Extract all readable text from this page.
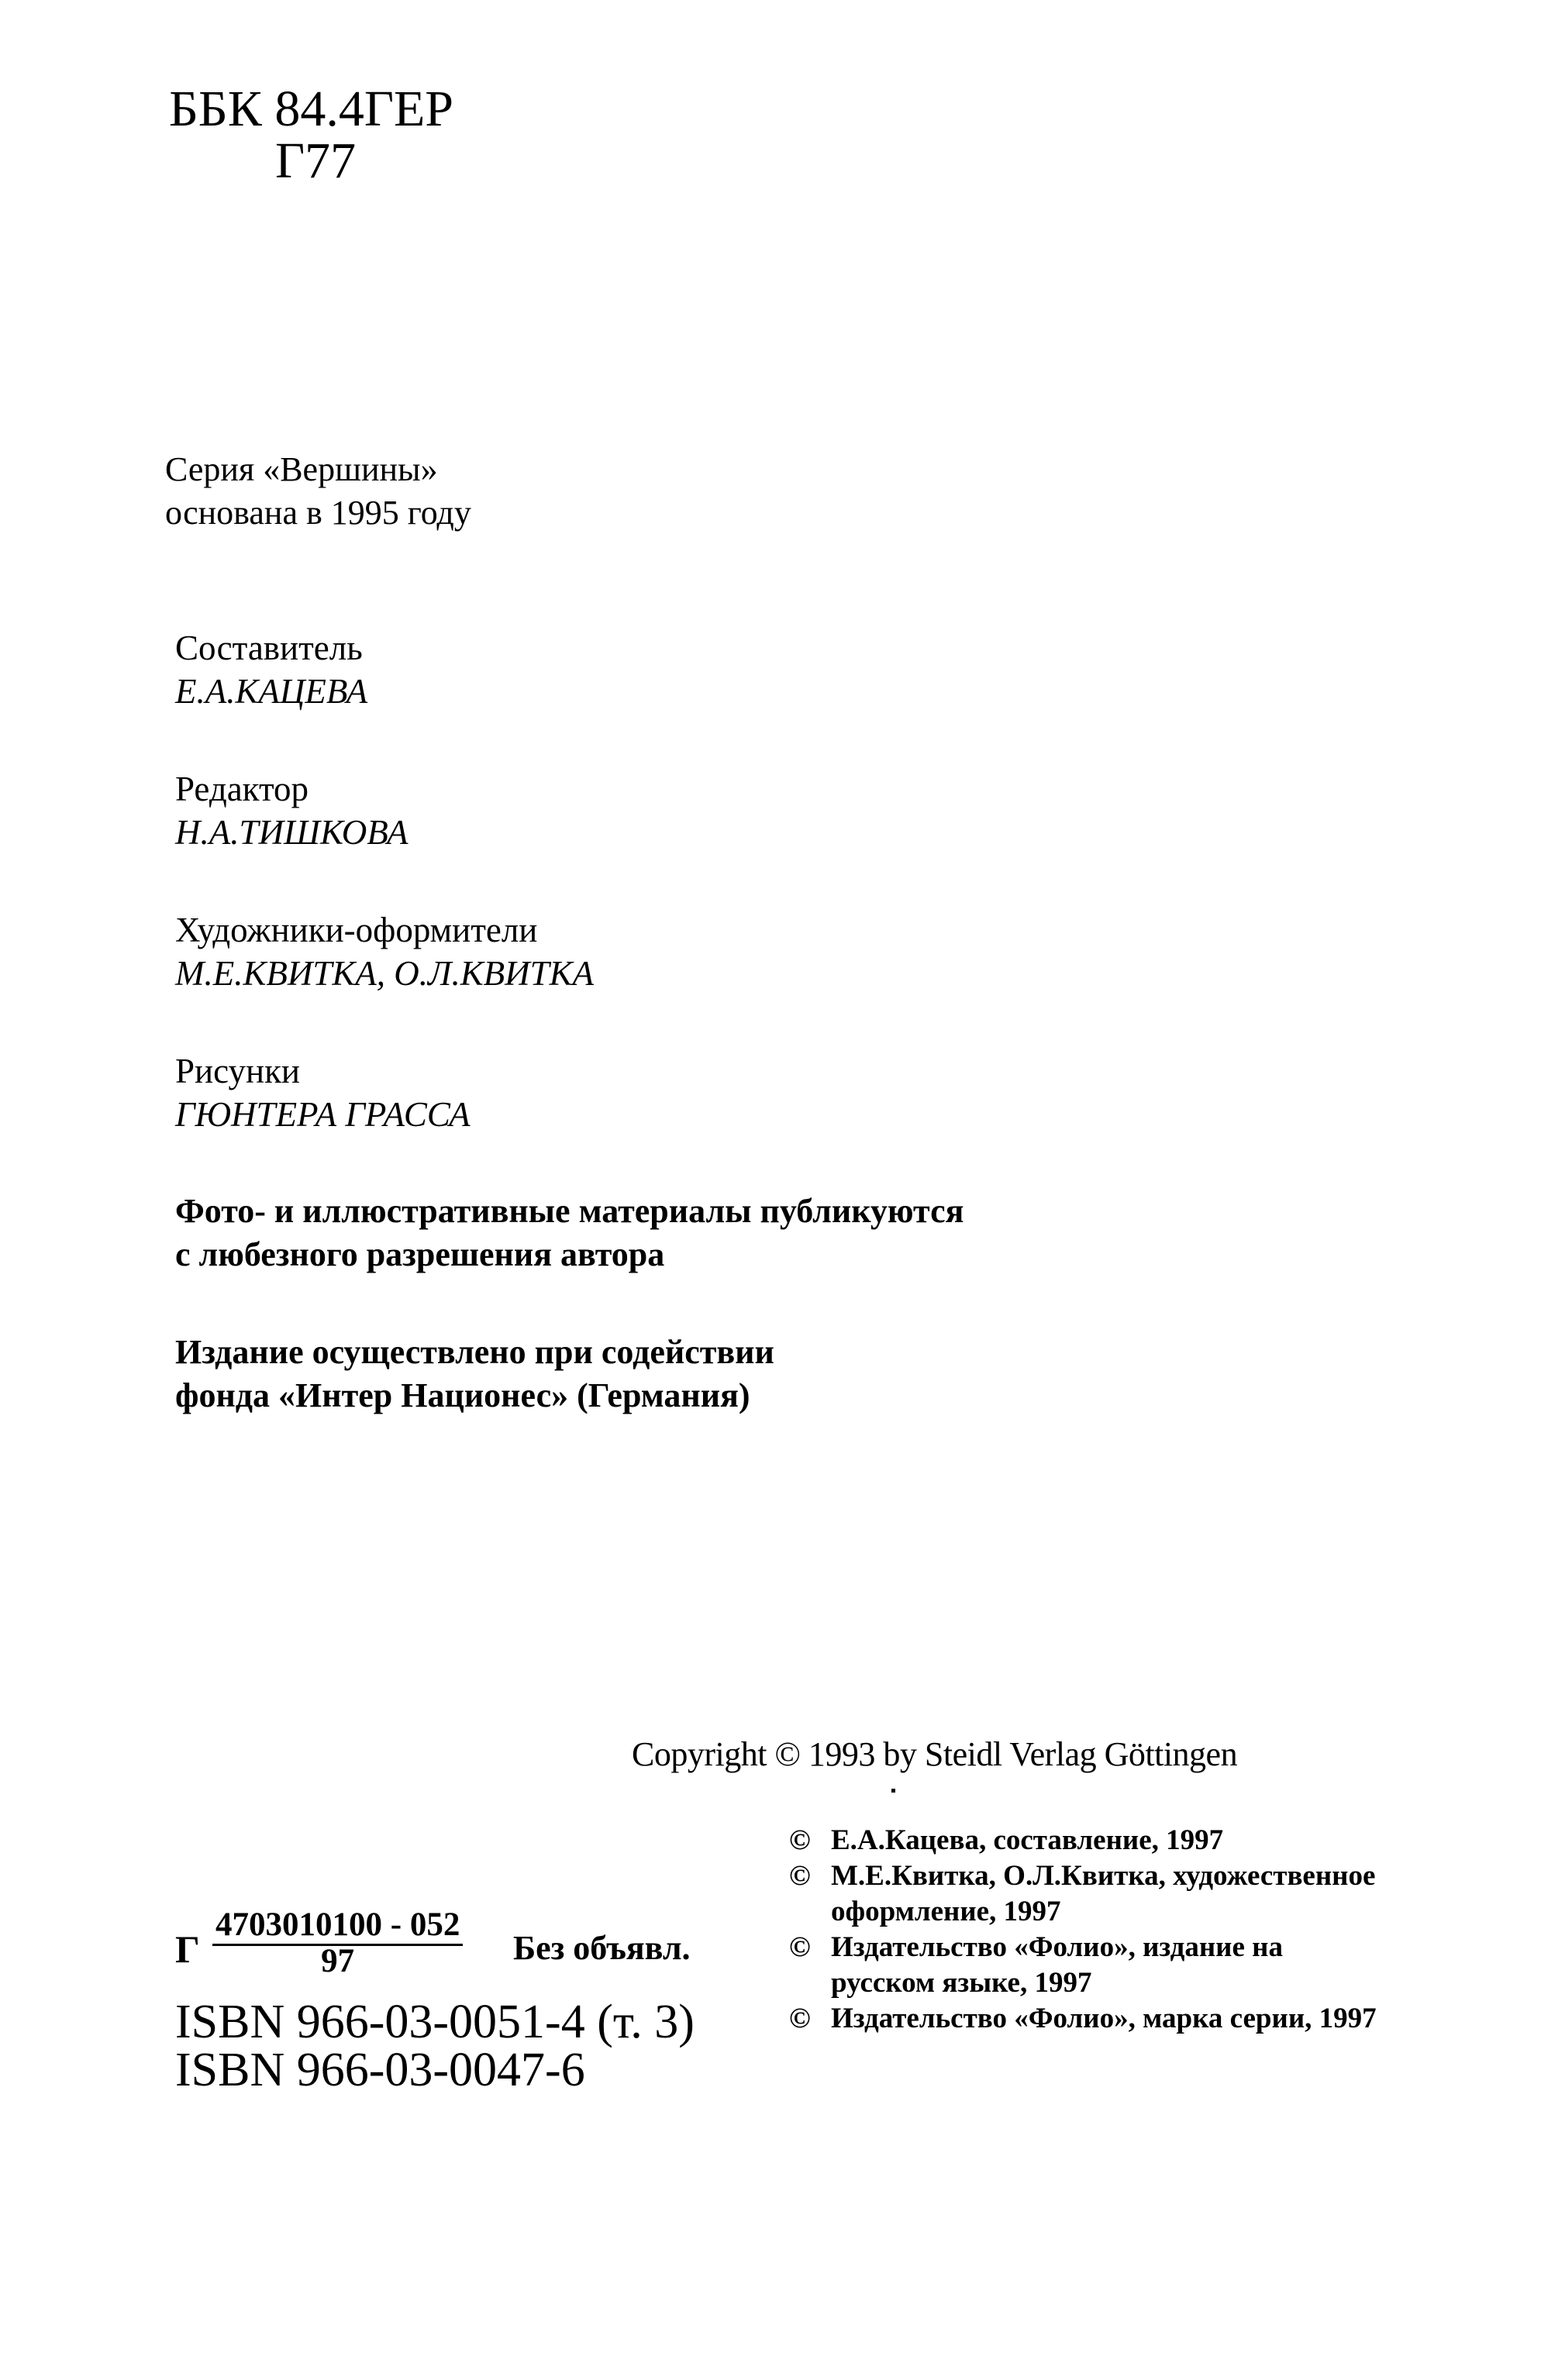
ББК 84.4ГЕР
Г77
Серия «Вершины»
основана в 1995 году
Составитель
Е.А.КАЦЕВА
Редактор
Н.А.ТИШКОВА
Художники-оформители
М.Е.КВИТКА, О.Л.КВИТКА
Рисунки
ГЮНТЕРА ГРАССА
Фото- и иллюстративные материалы публикуются
с любезного разрешения автора
Издание осуществлено при содействии
фонда «Интер Национес» (Германия)
Copyright © 1993 by Steidl Verlag Göttingen
© Е.А.Кацева, составление, 1997
© М.Е.Квитка, О.Л.Квитка, художественное оформление, 1997
© Издательство «Фолио», издание на русском языке, 1997
© Издательство «Фолио», марка серии, 1997
Г $\frac{4703010100 - 052}{97}$ Без объявл.
ISBN 966-03-0051-4 (т. 3)
ISBN 966-03-0047-6
